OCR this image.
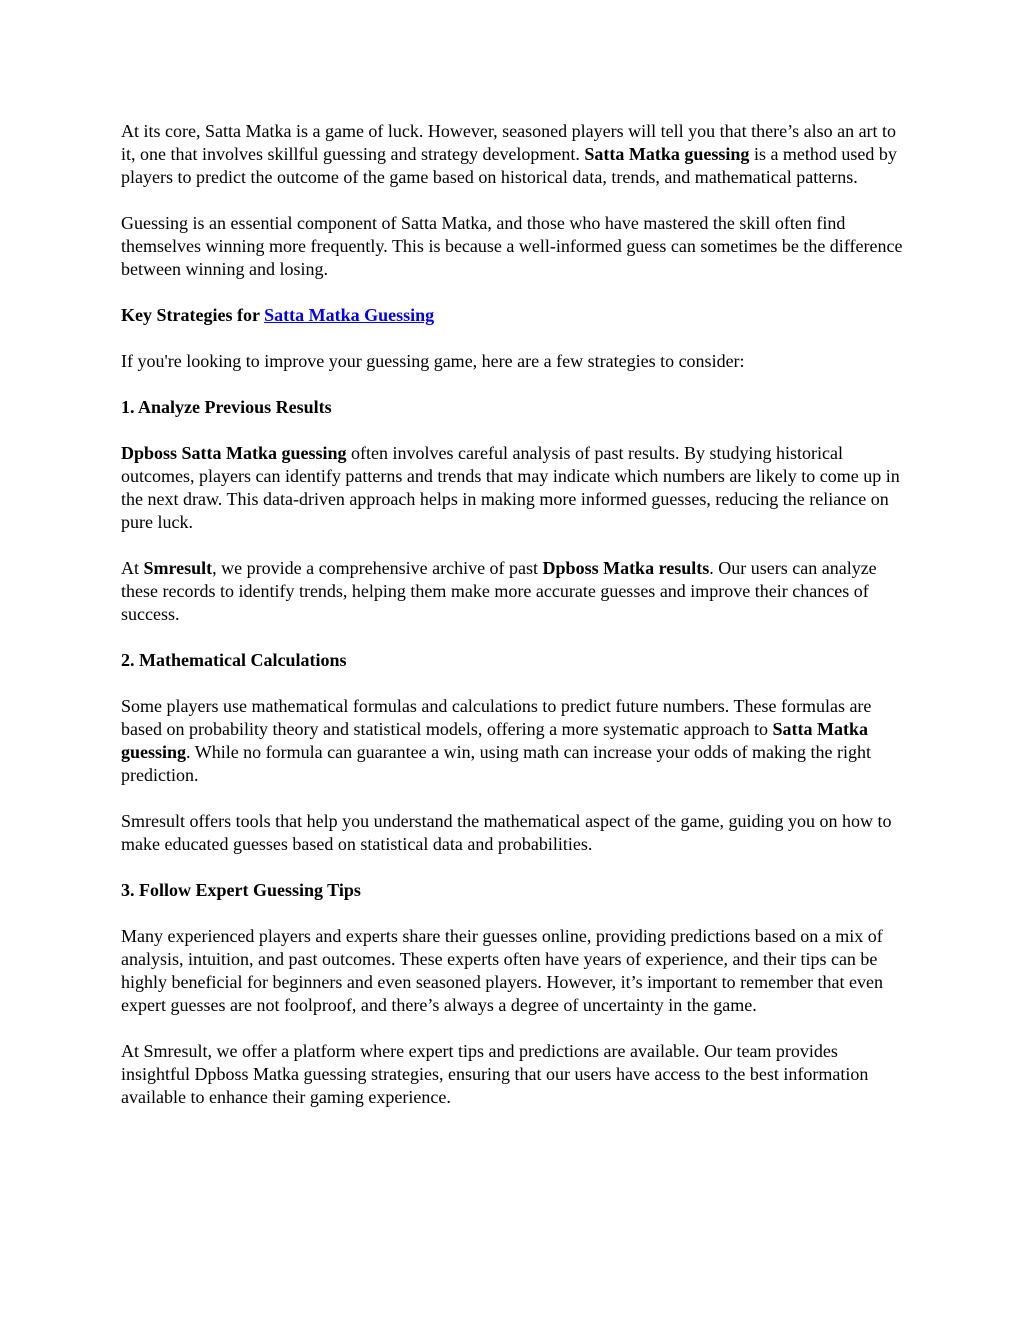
At its core, Satta Matka is a game of luck. However, seasoned players will tell you that there’s also an art to it, one that involves skillful guessing and strategy development. Satta Matka guessing is a method used by players to predict the outcome of the game based on historical data, trends, and mathematical patterns.

Guessing is an essential component of Satta Matka, and those who have mastered the skill often find themselves winning more frequently. This is because a well-informed guess can sometimes be the difference between winning and losing.

Key Strategies for Satta Matka Guessing

If you're looking to improve your guessing game, here are a few strategies to consider:

1. Analyze Previous Results

Dpboss Satta Matka guessing often involves careful analysis of past results. By studying historical outcomes, players can identify patterns and trends that may indicate which numbers are likely to come up in the next draw. This data-driven approach helps in making more informed guesses, reducing the reliance on pure luck.

At Smresult, we provide a comprehensive archive of past Dpboss Matka results. Our users can analyze these records to identify trends, helping them make more accurate guesses and improve their chances of success.

2. Mathematical Calculations

Some players use mathematical formulas and calculations to predict future numbers. These formulas are based on probability theory and statistical models, offering a more systematic approach to Satta Matka guessing. While no formula can guarantee a win, using math can increase your odds of making the right prediction.

Smresult offers tools that help you understand the mathematical aspect of the game, guiding you on how to make educated guesses based on statistical data and probabilities.

3. Follow Expert Guessing Tips

Many experienced players and experts share their guesses online, providing predictions based on a mix of analysis, intuition, and past outcomes. These experts often have years of experience, and their tips can be highly beneficial for beginners and even seasoned players. However, it’s important to remember that even expert guesses are not foolproof, and there’s always a degree of uncertainty in the game.

At Smresult, we offer a platform where expert tips and predictions are available. Our team provides insightful Dpboss Matka guessing strategies, ensuring that our users have access to the best information available to enhance their gaming experience.
